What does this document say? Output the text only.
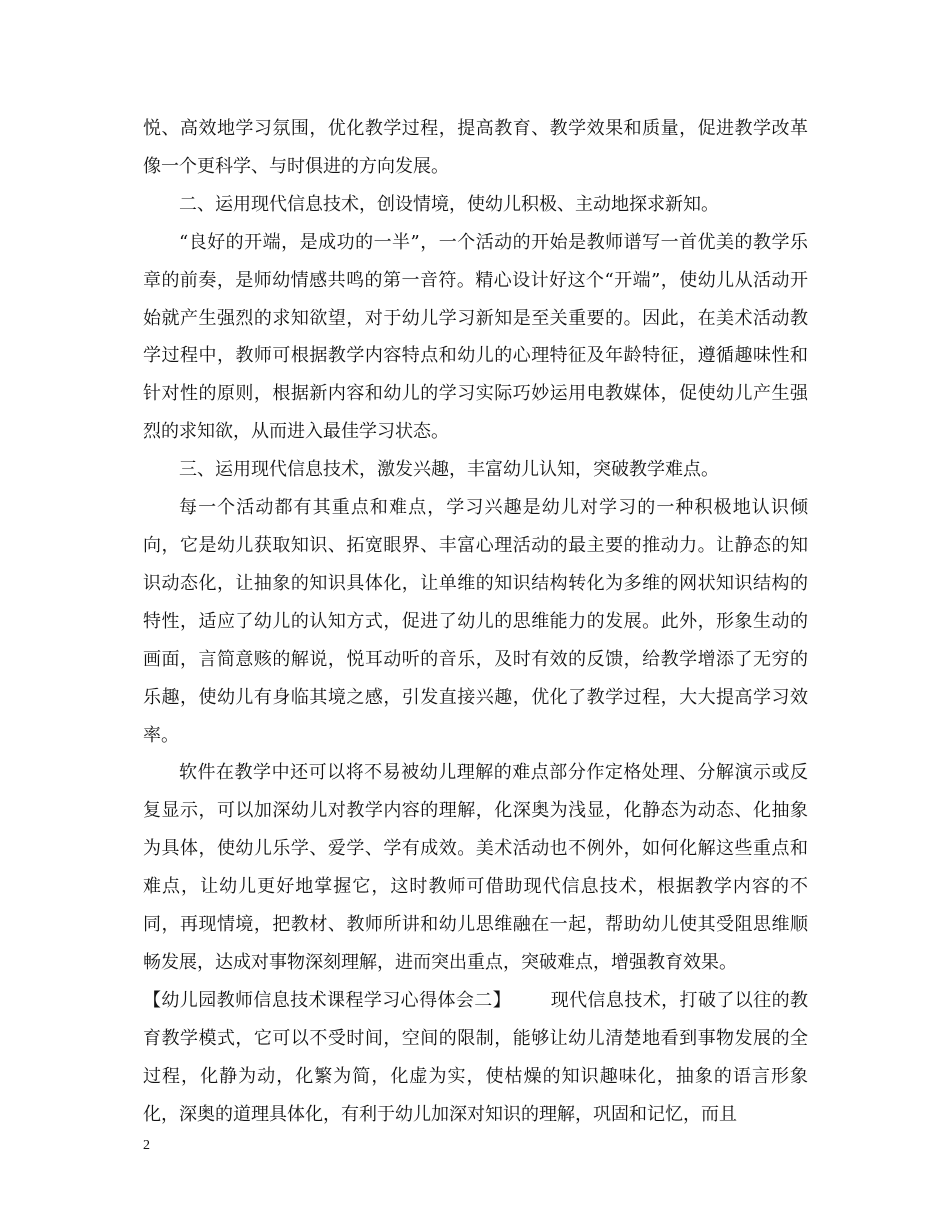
悦、高效地学习氛围，优化教学过程，提高教育、教学效果和质量，促进教学改革像一个更科学、与时俱进的方向发展。

二、运用现代信息技术，创设情境，使幼儿积极、主动地探求新知。

“良好的开端，是成功的一半”，一个活动的开始是教师谱写一首优美的教学乐章的前奏，是师幼情感共鸣的第一音符。精心设计好这个“开端”，使幼儿从活动开始就产生强烈的求知欲望，对于幼儿学习新知是至关重要的。因此，在美术活动教学过程中，教师可根据教学内容特点和幼儿的心理特征及年龄特征，遵循趣味性和针对性的原则，根据新内容和幼儿的学习实际巧妙运用电教媒体，促使幼儿产生强烈的求知欲，从而进入最佳学习状态。

三、运用现代信息技术，激发兴趣，丰富幼儿认知，突破教学难点。

每一个活动都有其重点和难点，学习兴趣是幼儿对学习的一种积极地认识倾向，它是幼儿获取知识、拓宽眼界、丰富心理活动的最主要的推动力。让静态的知识动态化，让抽象的知识具体化，让单维的知识结构转化为多维的网状知识结构的特性，适应了幼儿的认知方式，促进了幼儿的思维能力的发展。此外，形象生动的画面，言简意赅的解说，悦耳动听的音乐，及时有效的反馈，给教学增添了无穷的乐趣，使幼儿有身临其境之感，引发直接兴趣，优化了教学过程，大大提高学习效率。

软件在教学中还可以将不易被幼儿理解的难点部分作定格处理、分解演示或反复显示，可以加深幼儿对教学内容的理解，化深奥为浅显，化静态为动态、化抽象为具体，使幼儿乐学、爱学、学有成效。美术活动也不例外，如何化解这些重点和难点，让幼儿更好地掌握它，这时教师可借助现代信息技术，根据教学内容的不同，再现情境，把教材、教师所讲和幼儿思维融在一起，帮助幼儿使其受阻思维顺畅发展，达成对事物深刻理解，进而突出重点，突破难点，增强教育效果。

【幼儿园教师信息技术课程学习心得体会二】 现代信息技术，打破了以往的教育教学模式，它可以不受时间，空间的限制，能够让幼儿清楚地看到事物发展的全过程，化静为动，化繁为简，化虚为实，使枯燥的知识趣味化，抽象的语言形象化，深奥的道理具体化，有利于幼儿加深对知识的理解，巩固和记忆，而且

2
